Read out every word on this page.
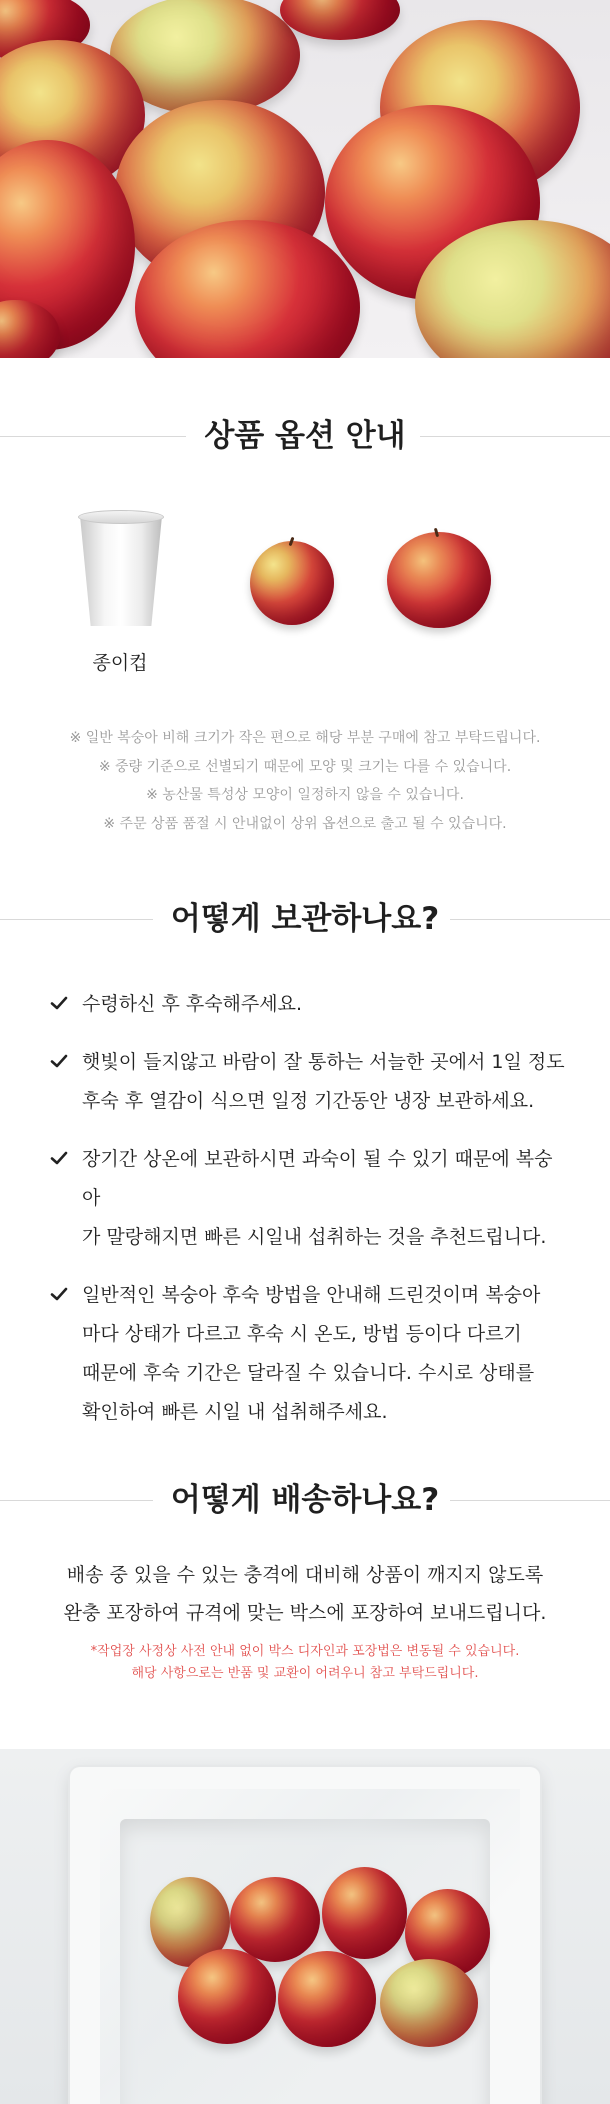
상품 옵션 안내
종이컵
※ 일반 복숭아 비해 크기가 작은 편으로 해당 부분 구매에 참고 부탁드립니다.
※ 중량 기준으로 선별되기 때문에 모양 및 크기는 다를 수 있습니다.
※ 농산물 특성상 모양이 일정하지 않을 수 있습니다.
※ 주문 상품 품절 시 안내없이 상위 옵션으로 출고 될 수 있습니다.
어떻게 보관하나요?
수령하신 후 후숙해주세요.
햇빛이 들지않고 바람이 잘 통하는 서늘한 곳에서 1일 정도
후숙 후 열감이 식으면 일정 기간동안 냉장 보관하세요.
장기간 상온에 보관하시면 과숙이 될 수 있기 때문에 복숭아
가 말랑해지면 빠른 시일내 섭취하는 것을 추천드립니다.
일반적인 복숭아 후숙 방법을 안내해 드린것이며 복숭아
마다 상태가 다르고 후숙 시 온도, 방법 등이다 다르기
때문에 후숙 기간은 달라질 수 있습니다. 수시로 상태를
확인하여 빠른 시일 내 섭취해주세요.
어떻게 배송하나요?
배송 중 있을 수 있는 충격에 대비해 상품이 깨지지 않도록
완충 포장하여 규격에 맞는 박스에 포장하여 보내드립니다.
*작업장 사정상 사전 안내 없이 박스 디자인과 포장법은 변동될 수 있습니다.
해당 사항으로는 반품 및 교환이 어려우니 참고 부탁드립니다.
